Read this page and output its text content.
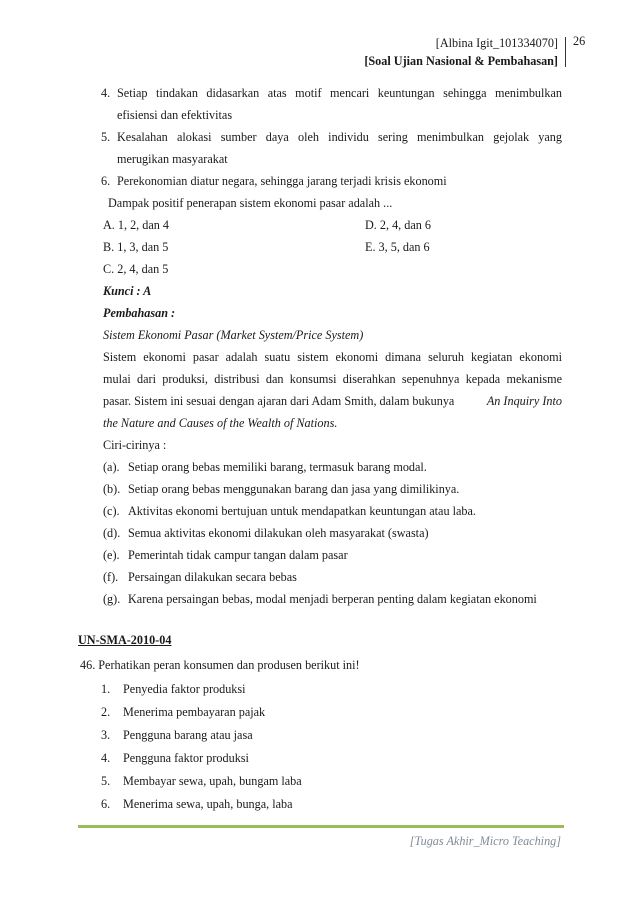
[Albina Igit_101334070]
[Soal Ujian Nasional & Pembahasan]
26
4. Setiap tindakan didasarkan atas motif mencari keuntungan sehingga menimbulkan
efisiensi dan efektivitas
5. Kesalahan alokasi sumber daya oleh individu sering menimbulkan gejolak yang
merugikan masyarakat
6. Perekonomian diatur negara, sehingga jarang terjadi krisis ekonomi
Dampak positif penerapan sistem ekonomi pasar adalah ...
A. 1, 2, dan 4	D. 2, 4, dan 6
B. 1, 3, dan 5	E. 3, 5, dan 6
C. 2, 4, dan 5
Kunci : A
Pembahasan :
Sistem Ekonomi Pasar (Market System/Price System)
Sistem ekonomi pasar adalah suatu sistem ekonomi dimana seluruh kegiatan ekonomi
mulai dari produksi, distribusi dan konsumsi diserahkan sepenuhnya kepada mekanisme
pasar. Sistem ini sesuai dengan ajaran dari Adam Smith, dalam bukunya	An Inquiry Into
the Nature and Causes of the Wealth of Nations.
Ciri-cirinya :
(a). Setiap orang bebas memiliki barang, termasuk barang modal.
(b). Setiap orang bebas menggunakan barang dan jasa yang dimilikinya.
(c). Aktivitas ekonomi bertujuan untuk mendapatkan keuntungan atau laba.
(d). Semua aktivitas ekonomi dilakukan oleh masyarakat (swasta)
(e). Pemerintah tidak campur tangan dalam pasar
(f). Persaingan dilakukan secara bebas
(g). Karena persaingan bebas, modal menjadi berperan penting dalam kegiatan ekonomi
UN-SMA-2010-04
46. Perhatikan peran konsumen dan produsen berikut ini!
1. Penyedia faktor produksi
2. Menerima pembayaran pajak
3. Pengguna barang atau jasa
4. Pengguna faktor produksi
5. Membayar sewa, upah, bungam laba
6. Menerima sewa, upah, bunga, laba
[Tugas Akhir_Micro Teaching]
